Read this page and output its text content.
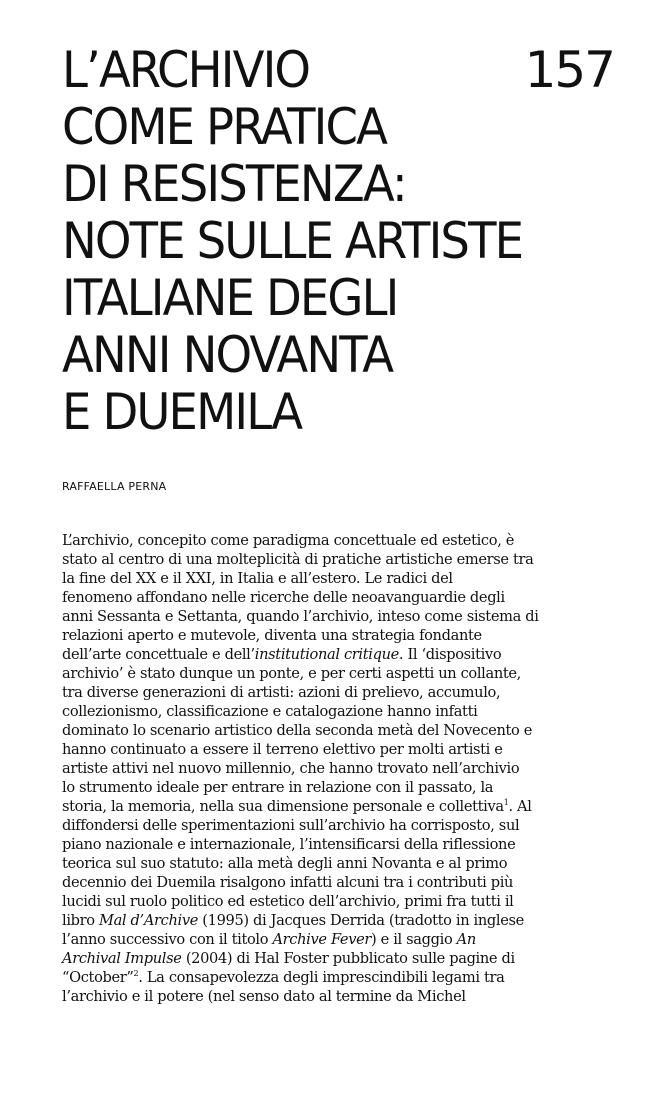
L’ARCHIVIO
COME PRATICA
DI RESISTENZA:
NOTE SULLE ARTISTE
ITALIANE DEGLI
ANNI NOVANTA
E DUEMILA
157
RAFFAELLA PERNA
L’archivio, concepito come paradigma concettuale ed estetico, è
stato al centro di una molteplicità di pratiche artistiche emerse tra
la fine del XX e il XXI, in Italia e all’estero. Le radici del
fenomeno affondano nelle ricerche delle neoavanguardie degli
anni Sessanta e Settanta, quando l’archivio, inteso come sistema di
relazioni aperto e mutevole, diventa una strategia fondante
dell’arte concettuale e dell’institutional critique. Il ‘dispositivo
archivio’ è stato dunque un ponte, e per certi aspetti un collante,
tra diverse generazioni di artisti: azioni di prelievo, accumulo,
collezionismo, classificazione e catalogazione hanno infatti
dominato lo scenario artistico della seconda metà del Novecento e
hanno continuato a essere il terreno elettivo per molti artisti e
artiste attivi nel nuovo millennio, che hanno trovato nell’archivio
lo strumento ideale per entrare in relazione con il passato, la
storia, la memoria, nella sua dimensione personale e collettiva$^1$. Al
diffondersi delle sperimentazioni sull’archivio ha corrisposto, sul
piano nazionale e internazionale, l’intensificarsi della riflessione
teorica sul suo statuto: alla metà degli anni Novanta e al primo
decennio dei Duemila risalgono infatti alcuni tra i contributi più
lucidi sul ruolo politico ed estetico dell’archivio, primi fra tutti il
libro Mal d’Archive (1995) di Jacques Derrida (tradotto in inglese
l’anno successivo con il titolo Archive Fever) e il saggio An
Archival Impulse (2004) di Hal Foster pubblicato sulle pagine di
“October”$^2$. La consapevolezza degli imprescindibili legami tra
l’archivio e il potere (nel senso dato al termine da Michel
